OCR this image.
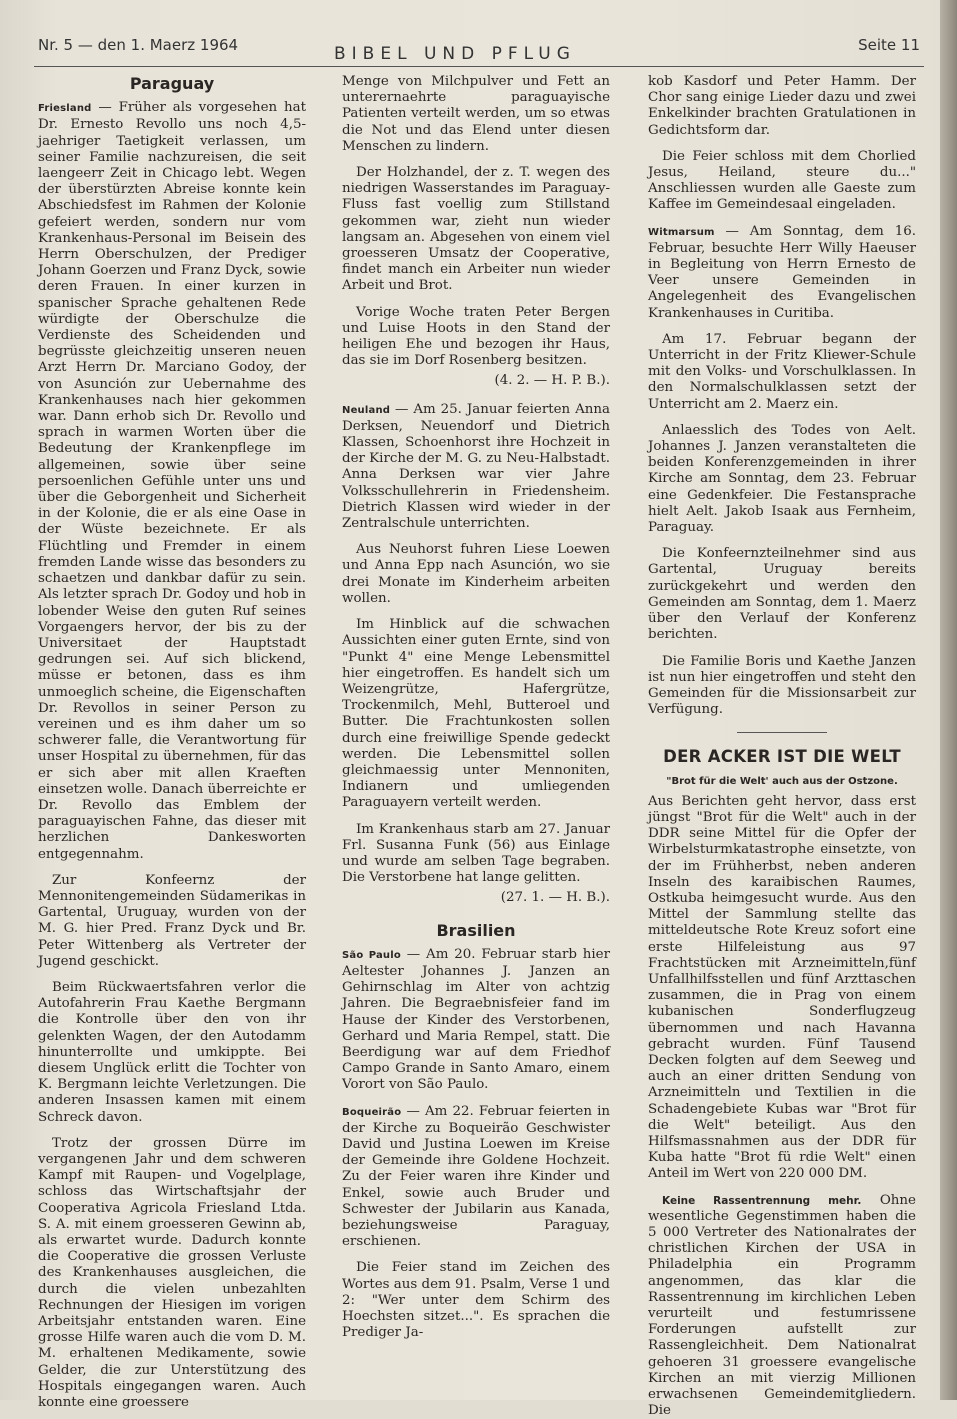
Nr. 5 — den 1. Maerz 1964	BIBEL UND PFLUG	Seite 11
Paraguay

Friesland — Früher als vorgesehen hat Dr. Ernesto Revollo uns noch 4,5-jaehriger Taetigkeit verlassen, um seiner Familie nachzureisen, die seit laengeerr Zeit in Chicago lebt. Wegen der überstürzten Abreise konnte kein Abschiedsfest im Rahmen der Kolonie gefeiert werden, sondern nur vom Krankenhaus-Personal im Beisein des Herrn Oberschulzen, der Prediger Johann Goerzen und Franz Dyck, sowie deren Frauen. In einer kurzen in spanischer Sprache gehaltenen Rede würdigte der Oberschulze die Verdienste des Scheidenden und begrüsste gleichzeitig unseren neuen Arzt Herrn Dr. Marciano Godoy, der von Asunción zur Uebernahme des Krankenhauses nach hier gekommen war. Dann erhob sich Dr. Revollo und sprach in warmen Worten über die Bedeutung der Krankenpflege im allgemeinen, sowie über seine persoenlichen Gefühle unter uns und über die Geborgenheit und Sicherheit in der Kolonie, die er als eine Oase in der Wüste bezeichnete. Er als Flüchtling und Fremder in einem fremden Lande wisse das besonders zu schaetzen und dankbar dafür zu sein. Als letzter sprach Dr. Godoy und hob in lobender Weise den guten Ruf seines Vorgaengers hervor, der bis zu der Universitaet der Hauptstadt gedrungen sei. Auf sich blickend, müsse er betonen, dass es ihm unmoeglich scheine, die Eigenschaften Dr. Revollos in seiner Person zu vereinen und es ihm daher um so schwerer falle, die Verantwortung für unser Hospital zu übernehmen, für das er sich aber mit allen Kraeften einsetzen wolle. Danach überreichte er Dr. Revollo das Emblem der paraguayischen Fahne, das dieser mit herzlichen Dankesworten entgegennahm.

Zur Konfeernz der Mennonitengemeinden Südamerikas in Gartental, Uruguay, wurden von der M. G. hier Pred. Franz Dyck und Br. Peter Wittenberg als Vertreter der Jugend geschickt.

Beim Rückwaertsfahren verlor die Autofahrerin Frau Kaethe Bergmann die Kontrolle über den von ihr gelenkten Wagen, der den Autodamm hinunterrollte und umkippte. Bei diesem Unglück erlitt die Tochter von K. Bergmann leichte Verletzungen. Die anderen Insassen kamen mit einem Schreck davon.

Trotz der grossen Dürre im vergangenen Jahr und dem schweren Kampf mit Raupen- und Vogelplage, schloss das Wirtschaftsjahr der Cooperativa Agricola Friesland Ltda. S. A. mit einem groesseren Gewinn ab, als erwartet wurde. Dadurch konnte die Cooperative die grossen Verluste des Krankenhauses ausgleichen, die durch die vielen unbezahlten Rechnungen der Hiesigen im vorigen Arbeitsjahr entstanden waren. Eine grosse Hilfe waren auch die vom D. M. M. erhaltenen Medikamente, sowie Gelder, die zur Unterstützung des Hospitals eingegangen waren. Auch konnte eine groessere

Menge von Milchpulver und Fett an unterernaehrte paraguayische Patienten verteilt werden, um so etwas die Not und das Elend unter diesen Menschen zu lindern.

Der Holzhandel, der z. T. wegen des niedrigen Wasserstandes im Paraguay-Fluss fast voellig zum Stillstand gekommen war, zieht nun wieder langsam an. Abgesehen von einem viel groesseren Umsatz der Cooperative, findet manch ein Arbeiter nun wieder Arbeit und Brot.

Vorige Woche traten Peter Bergen und Luise Hoots in den Stand der heiligen Ehe und bezogen ihr Haus, das sie im Dorf Rosenberg besitzen.

(4. 2. — H. P. B.).

Neuland — Am 25. Januar feierten Anna Derksen, Neuendorf und Dietrich Klassen, Schoenhorst ihre Hochzeit in der Kirche der M. G. zu Neu-Halbstadt. Anna Derksen war vier Jahre Volksschullehrerin in Friedensheim. Dietrich Klassen wird wieder in der Zentralschule unterrichten.

Aus Neuhorst fuhren Liese Loewen und Anna Epp nach Asunción, wo sie drei Monate im Kinderheim arbeiten wollen.

Im Hinblick auf die schwachen Aussichten einer guten Ernte, sind von "Punkt 4" eine Menge Lebensmittel hier eingetroffen. Es handelt sich um Weizengrütze, Hafergrütze, Trockenmilch, Mehl, Butteroel und Butter. Die Frachtunkosten sollen durch eine freiwillige Spende gedeckt werden. Die Lebensmittel sollen gleichmaessig unter Mennoniten, Indianern und umliegenden Paraguayern verteilt werden.

Im Krankenhaus starb am 27. Januar Frl. Susanna Funk (56) aus Einlage und wurde am selben Tage begraben. Die Verstorbene hat lange gelitten.

(27. 1. — H. B.).
Brasilien

São Paulo — Am 20. Februar starb hier Aeltester Johannes J. Janzen an Gehirnschlag im Alter von achtzig Jahren. Die Begraebnisfeier fand im Hause der Kinder des Verstorbenen, Gerhard und Maria Rempel, statt. Die Beerdigung war auf dem Friedhof Campo Grande in Santo Amaro, einem Vorort von São Paulo.

Boqueirão — Am 22. Februar feierten in der Kirche zu Boqueirão Geschwister David und Justina Loewen im Kreise der Gemeinde ihre Goldene Hochzeit. Zu der Feier waren ihre Kinder und Enkel, sowie auch Bruder und Schwester der Jubilarin aus Kanada, beziehungsweise Paraguay, erschienen.

Die Feier stand im Zeichen des Wortes aus dem 91. Psalm, Verse 1 und 2: "Wer unter dem Schirm des Hoechsten sitzet...". Es sprachen die Prediger Ja-

kob Kasdorf und Peter Hamm. Der Chor sang einige Lieder dazu und zwei Enkelkinder brachten Gratulationen in Gedichtsform dar.

Die Feier schloss mit dem Chorlied Jesus, Heiland, steure du..." Anschliessen wurden alle Gaeste zum Kaffee im Gemeindesaal eingeladen.

Witmarsum — Am Sonntag, dem 16. Februar, besuchte Herr Willy Haeuser in Begleitung von Herrn Ernesto de Veer unsere Gemeinden in Angelegenheit des Evangelischen Krankenhauses in Curitiba.

Am 17. Februar begann der Unterricht in der Fritz Kliewer-Schule mit den Volks- und Vorschulklassen. In den Normalschulklassen setzt der Unterricht am 2. Maerz ein.

Anlaesslich des Todes von Aelt. Johannes J. Janzen veranstalteten die beiden Konferenzgemeinden in ihrer Kirche am Sonntag, dem 23. Februar eine Gedenkfeier. Die Festansprache hielt Aelt. Jakob Isaak aus Fernheim, Paraguay.

Die Konfeernzteilnehmer sind aus Gartental, Uruguay bereits zurückgekehrt und werden den Gemeinden am Sonntag, dem 1. Maerz über den Verlauf der Konferenz berichten.

Die Familie Boris und Kaethe Janzen ist nun hier eingetroffen und steht den Gemeinden für die Missionsarbeit zur Verfügung.

DER ACKER IST DIE WELT
"Brot für die Welt' auch aus der Ostzone.

Aus Berichten geht hervor, dass erst jüngst "Brot für die Welt" auch in der DDR seine Mittel für die Opfer der Wirbelsturmkatastrophe einsetzte, von der im Frühherbst, neben anderen Inseln des karaibischen Raumes, Ostkuba heimgesucht wurde. Aus den Mittel der Sammlung stellte das mitteldeutsche Rote Kreuz sofort eine erste Hilfeleistung aus 97 Frachtstücken mit Arzneimitteln,fünf Unfallhilfsstellen und fünf Arzttaschen zusammen, die in Prag von einem kubanischen Sonderflugzeug übernommen und nach Havanna gebracht wurden. Fünf Tausend Decken folgten auf dem Seeweg und auch an einer dritten Sendung von Arzneimitteln und Textilien in die Schadengebiete Kubas war "Brot für die Welt" beteiligt. Aus den Hilfsmassnahmen aus der DDR für Kuba hatte "Brot fü rdie Welt" einen Anteil im Wert von 220 000 DM.

Keine Rassentrennung mehr. Ohne wesentliche Gegenstimmen haben die 5 000 Vertreter des Nationalrates der christlichen Kirchen der USA in Philadelphia ein Programm angenommen, das klar die Rassentrennung im kirchlichen Leben verurteilt und festumrissene Forderungen aufstellt zur Rassengleichheit. Dem Nationalrat gehoeren 31 groessere evangelische Kirchen an mit vierzig Millionen erwachsenen Gemeindemitgliedern. Die
